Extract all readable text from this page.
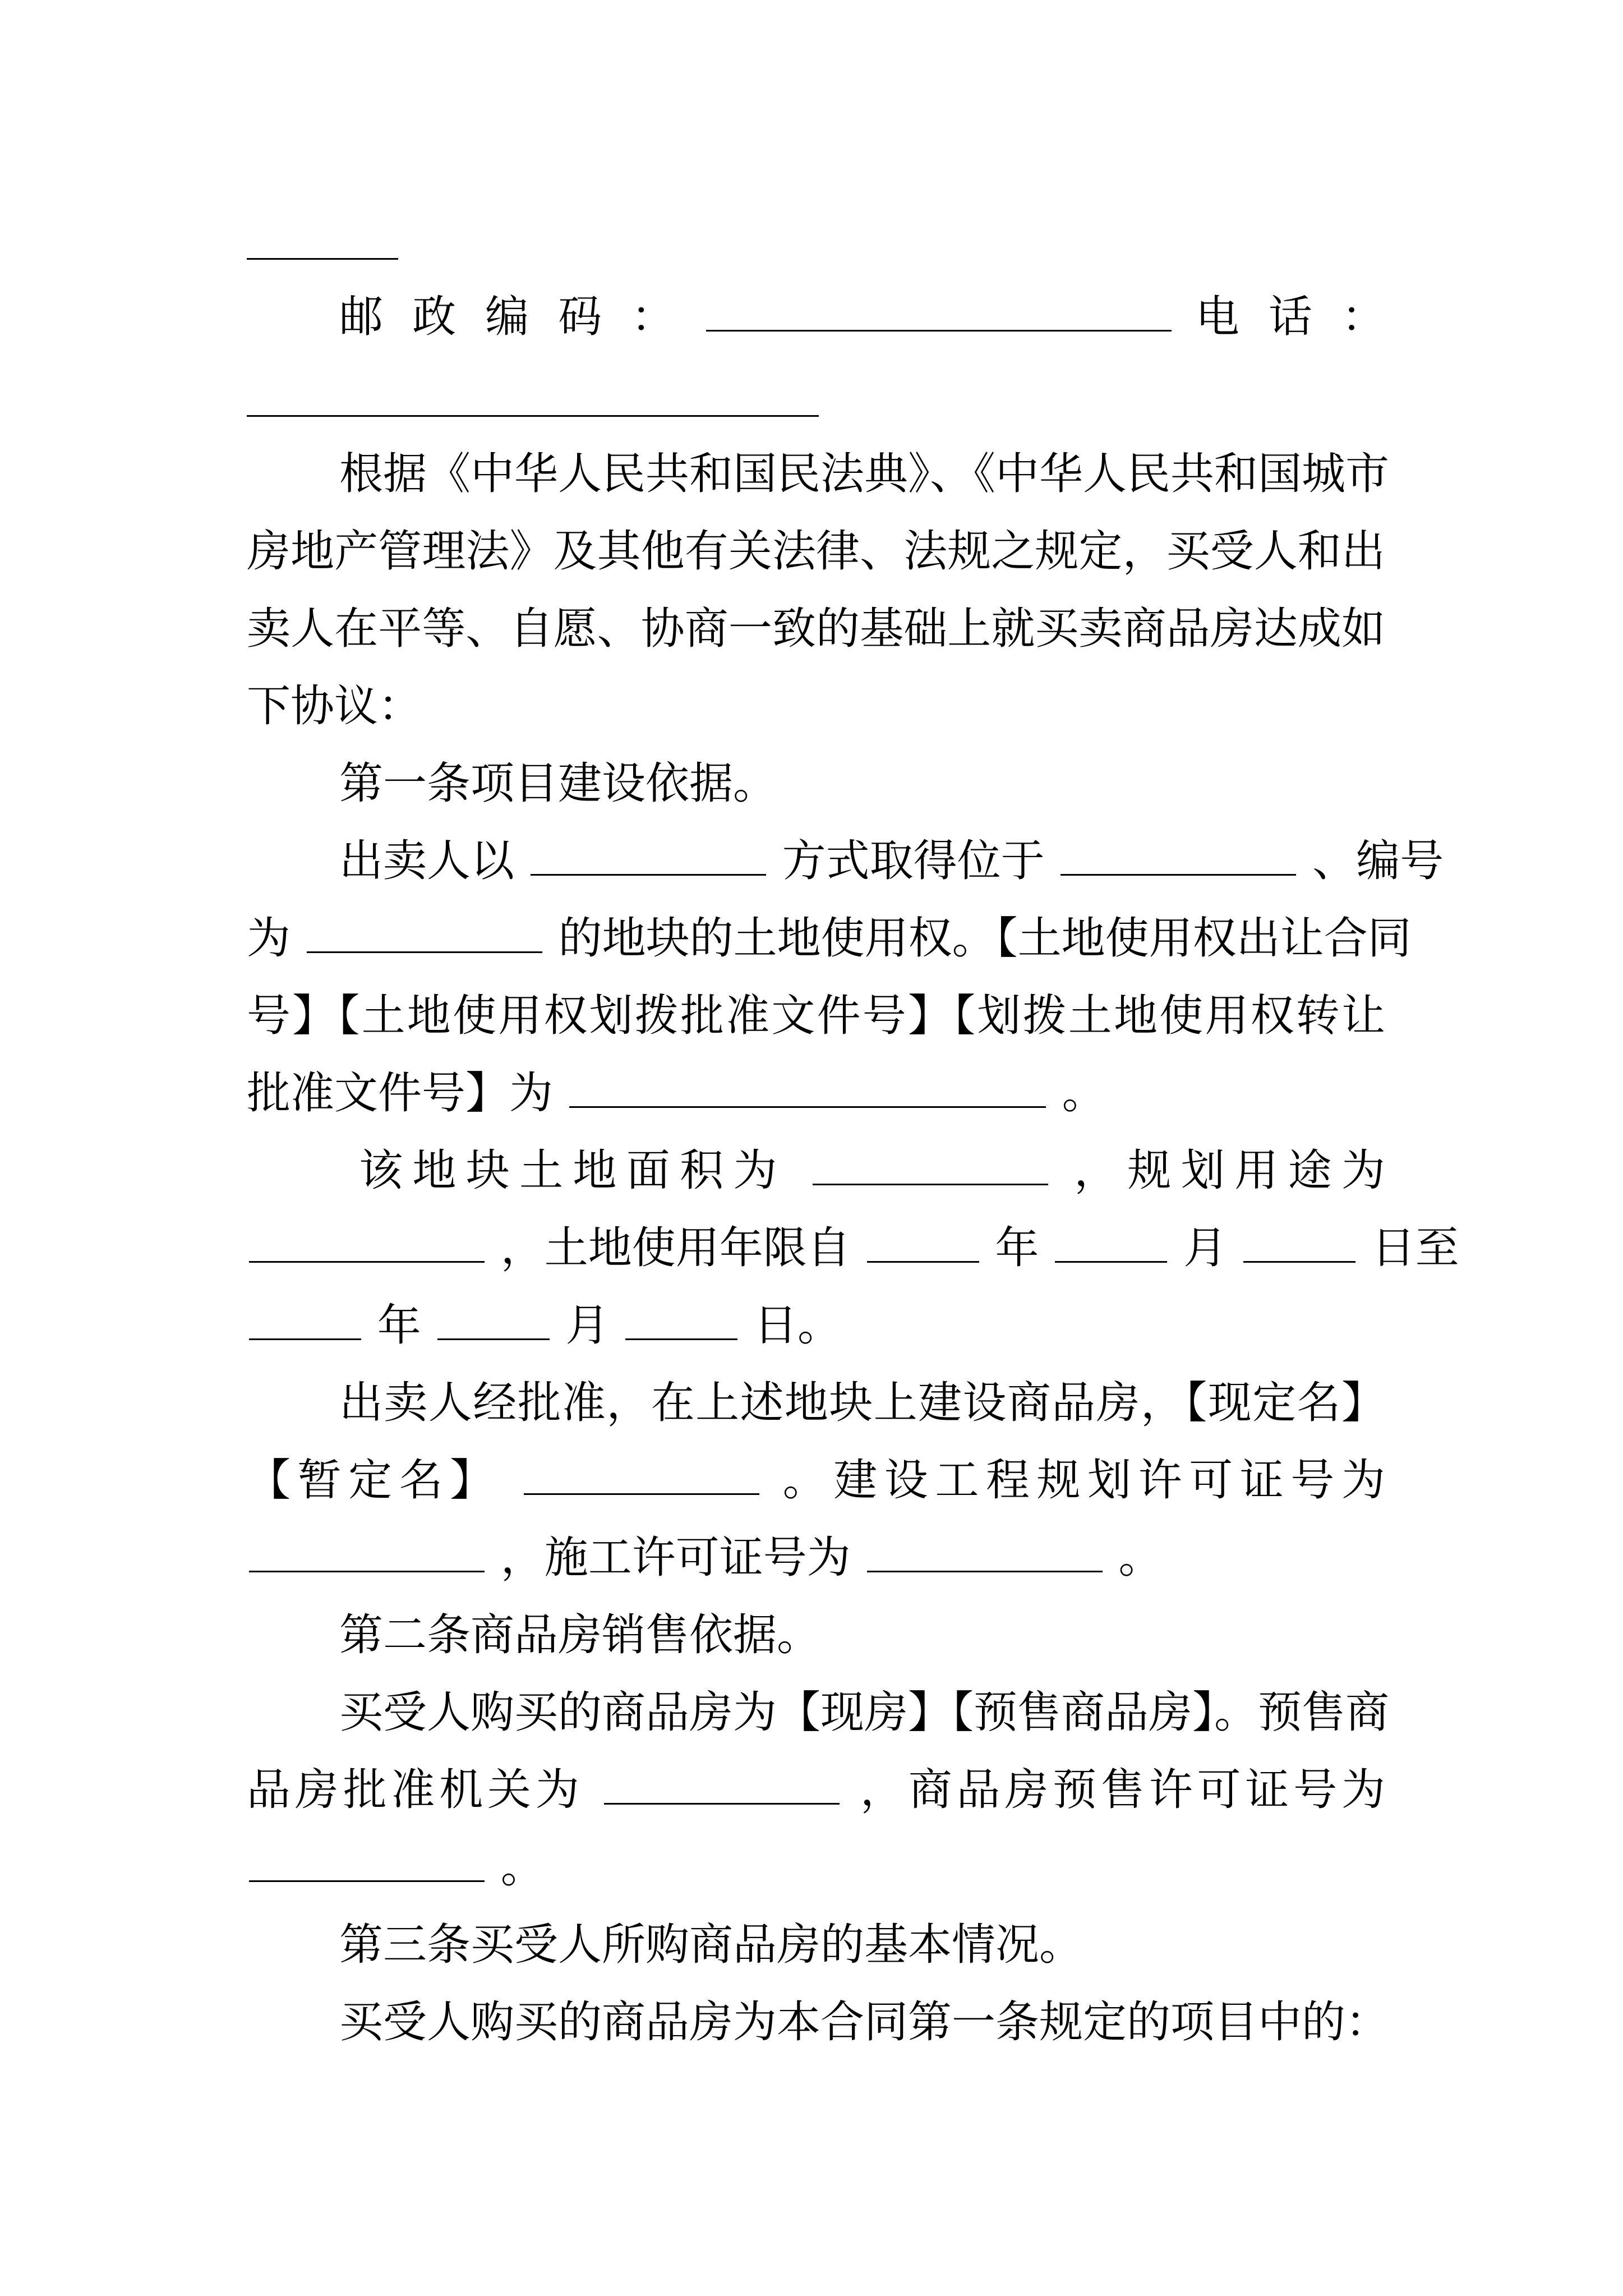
邮 政 编 码 ：	电 话 ：
根据《中华人民共和国民法典》、《中华人民共和国城市
房地产管理法》及其他有关法律、法规之规定，买受人和出
卖人在平等、自愿、协商一致的基础上就买卖商品房达成如
下协议：
第一条项目建设依据。
出卖人以	方式取得位于	、编号
为	的地块的土地使用权。【土地使用权出让合同
号】【土地使用权划拨批准文件号】【划拨土地使用权转让
批准文件号】为	。
该地块土地面积为	，规划用途为
，土地使用年限自	年	月	日至
年	月	日。
出卖人经批准，在上述地块上建设商品房，【现定名】
【暂定名】	。建设工程规划许可证号为
，施工许可证号为	。
第二条商品房销售依据。
买受人购买的商品房为【现房】【预售商品房】。预售商
品房批准机关为	，商品房预售许可证号为
。
第三条买受人所购商品房的基本情况。
买受人购买的商品房为本合同第一条规定的项目中的：
